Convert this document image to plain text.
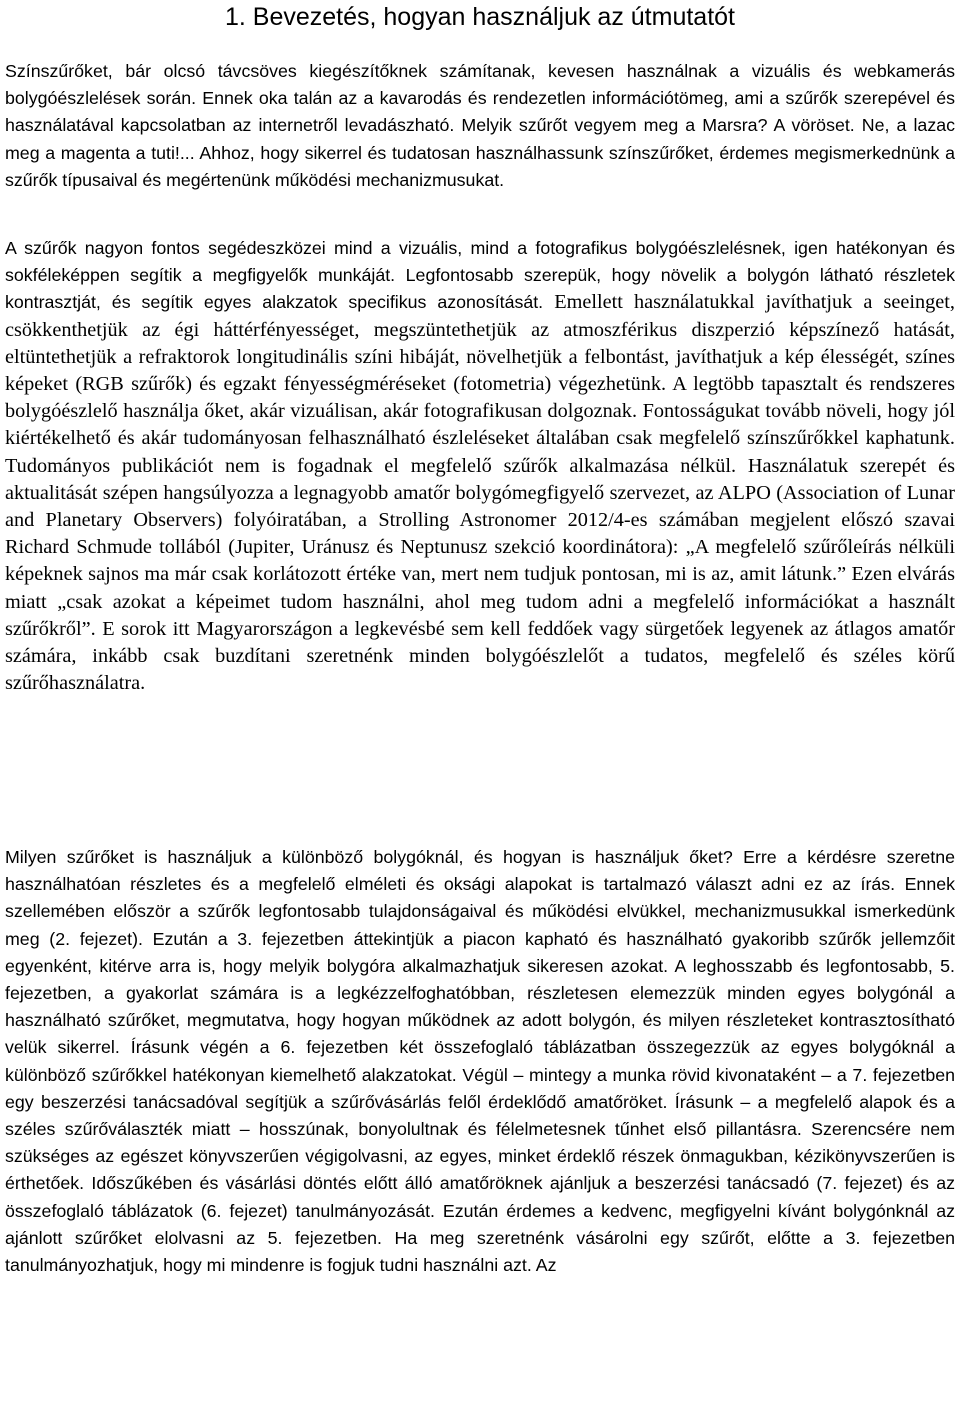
1. Bevezetés, hogyan használjuk az útmutatót

Színszűrőket, bár olcsó távcsöves kiegészítőknek számítanak, kevesen használnak a vizuális és webkamerás bolygóészlelések során. Ennek oka talán az a kavarodás és rendezetlen információtömeg, ami a szűrők szerepével és használatával kapcsolatban az internetről levadászható. Melyik szűrőt vegyem meg a Marsra? A vöröset. Ne, a lazac meg a magenta a tuti!... Ahhoz, hogy sikerrel és tudatosan használhassunk színszűrőket, érdemes megismerkednünk a szűrők típusaival és megértenünk működési mechanizmusukat.

A szűrők nagyon fontos segédeszközei mind a vizuális, mind a fotografikus bolygóészlelésnek, igen hatékonyan és sokféleképpen segítik a megfigyelők munkáját. Legfontosabb szerepük, hogy növelik a bolygón látható részletek kontrasztját, és segítik egyes alakzatok specifikus azonosítását. Emellett használatukkal javíthatjuk a seeinget, csökkenthetjük az égi háttérfényességet, megszüntethetjük az atmoszférikus diszperzió képszínező hatását, eltüntethetjük a refraktorok longitudinális színi hibáját, növelhetjük a felbontást, javíthatjuk a kép élességét, színes képeket (RGB szűrők) és egzakt fényességméréseket (fotometria) végezhetünk. A legtöbb tapasztalt és rendszeres bolygóészlelő használja őket, akár vizuálisan, akár fotografikusan dolgoznak. Fontosságukat tovább növeli, hogy jól kiértékelhető és akár tudományosan felhasználható észleléseket általában csak megfelelő színszűrőkkel kaphatunk. Tudományos publikációt nem is fogadnak el megfelelő szűrők alkalmazása nélkül. Használatuk szerepét és aktualitását szépen hangsúlyozza a legnagyobb amatőr bolygómegfigyelő szervezet, az ALPO (Association of Lunar and Planetary Observers) folyóiratában, a Strolling Astronomer 2012/4-es számában megjelent előszó szavai Richard Schmude tollából (Jupiter, Uránusz és Neptunusz szekció koordinátora): „A megfelelő szűrőleírás nélküli képeknek sajnos ma már csak korlátozott értéke van, mert nem tudjuk pontosan, mi is az, amit látunk.” Ezen elvárás miatt „csak azokat a képeimet tudom használni, ahol meg tudom adni a megfelelő információkat a használt szűrőkről”. E sorok itt Magyarországon a legkevésbé sem kell feddőek vagy sürgetőek legyenek az átlagos amatőr számára, inkább csak buzdítani szeretnénk minden bolygóészlelőt a tudatos, megfelelő és széles körű szűrőhasználatra.

Milyen szűrőket is használjuk a különböző bolygóknál, és hogyan is használjuk őket? Erre a kérdésre szeretne használhatóan részletes és a megfelelő elméleti és oksági alapokat is tartalmazó választ adni ez az írás. Ennek szellemében először a szűrők legfontosabb tulajdonságaival és működési elvükkel, mechanizmusukkal ismerkedünk meg (2. fejezet). Ezután a 3. fejezetben áttekintjük a piacon kapható és használható gyakoribb szűrők jellemzőit egyenként, kitérve arra is, hogy melyik bolygóra alkalmazhatjuk sikeresen azokat. A leghosszabb és legfontosabb, 5. fejezetben, a gyakorlat számára is a legkézzelfoghatóbban, részletesen elemezzük minden egyes bolygónál a használható szűrőket, megmutatva, hogy hogyan működnek az adott bolygón, és milyen részleteket kontrasztosítható velük sikerrel. Írásunk végén a 6. fejezetben két összefoglaló táblázatban összegezzük az egyes bolygóknál a különböző szűrőkkel hatékonyan kiemelhető alakzatokat. Végül – mintegy a munka rövid kivonataként – a 7. fejezetben egy beszerzési tanácsadóval segítjük a szűrővásárlás felől érdeklődő amatőröket. Írásunk – a megfelelő alapok és a széles szűrőválaszték miatt – hosszúnak, bonyolultnak és félelmetesnek tűnhet első pillantásra. Szerencsére nem szükséges az egészet könyvszerűen végigolvasni, az egyes, minket érdeklő részek önmagukban, kézikönyvszerűen is érthetőek. Időszűkében és vásárlási döntés előtt álló amatőröknek ajánljuk a beszerzési tanácsadó (7. fejezet) és az összefoglaló táblázatok (6. fejezet) tanulmányozását. Ezután érdemes a kedvenc, megfigyelni kívánt bolygónknál az ajánlott szűrőket elolvasni az 5. fejezetben. Ha meg szeretnénk vásárolni egy szűrőt, előtte a 3. fejezetben tanulmányozhatjuk, hogy mi mindenre is fogjuk tudni használni azt. Az
